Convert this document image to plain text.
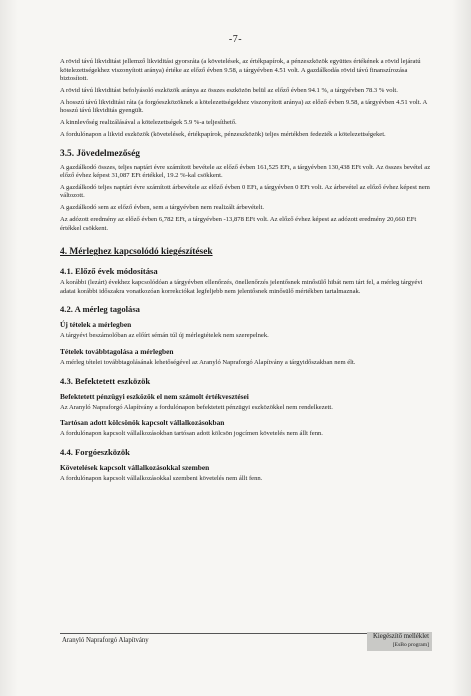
-7-

A rövid távú likviditást jellemző likviditási gyorsráta (a követelések, az értékpapírok, a pénzeszközök együttes értékének a rövid lejáratú kötelezettségekhez viszonyított aránya) értéke az előző évben 9.58, a tárgyévben 4.51 volt. A gazdálkodás rövid távú finanszírozása biztosított.

A rövid távú likviditást befolyásoló eszközök aránya az összes eszközön belül az előző évben 94.1 %, a tárgyévben 78.3 % volt.

A hosszú távú likviditási ráta (a forgóeszközöknek a kötelezettségekhez viszonyított aránya) az előző évben 9.58, a tárgyévben 4.51 volt. A hosszú távú likviditás gyengült.

A kinnlevőség realizálásával a kötelezettségek 5.9 %-a teljesíthető.

A fordulónapon a likvid eszközök (követelések, értékpapírok, pénzeszközök) teljes mértékben fedezték a kötelezettségeket.

3.5. Jövedelmezőség

A gazdálkodó összes, teljes naptári évre számított bevétele az előző évben 161,525 EFt, a tárgyévben 130,438 EFt volt. Az összes bevétel az előző évhez képest 31,087 EFt értékkel, 19.2 %-kal csökkent.

A gazdálkodó teljes naptári évre számított árbevétele az előző évben 0 EFt, a tárgyévben 0 EFt volt. Az árbevétel az előző évhez képest nem változott.

A gazdálkodó sem az előző évben, sem a tárgyévben nem realizált árbevételt.

Az adózott eredmény az előző évben 6,782 EFt, a tárgyévben -13,878 EFt volt. Az előző évhez képest az adózott eredmény 20,660 EFt értékkel csökkent.

4. Mérleghez kapcsolódó kiegészítések
4.1. Előző évek módosítása

A korábbi (lezárt) évekhez kapcsolódóan a tárgyévben ellenőrzés, önellenőrzés jelentősnek minősülő hibát nem tárt fel, a mérleg tárgyévi adatai korábbi időszakra vonatkozóan korrekciókat legfeljebb nem jelentősnek minősülő mértékben tartalmaznak.

4.2. A mérleg tagolása
Új tételek a mérlegben

A tárgyévi beszámolóban az előírt sémán túl új mérlegtételek nem szerepelnek.

Tételek továbbtagolása a mérlegben

A mérleg tételei továbbtagolásának lehetőségével az Aranyló Napraforgó Alapítvány a tárgyidőszakban nem élt.

4.3. Befektetett eszközök
Befektetett pénzügyi eszközök el nem számolt értékvesztései

Az Aranyló Napraforgó Alapítvány a fordulónapon befektetett pénzügyi eszközökkel nem rendelkezett.

Tartósan adott kölcsönök kapcsolt vállalkozásokban

A fordulónapon kapcsolt vállalkozásokban tartósan adott kölcsön jogcímen követelés nem állt fenn.

4.4. Forgóeszközök
Követelések kapcsolt vállalkozásokkal szemben

A fordulónapon kapcsolt vállalkozásokkal szembeni követelés nem állt fenn.

Aranyló Napraforgó Alapítvány
Kiegészítő melléklet
[EsBo program]
